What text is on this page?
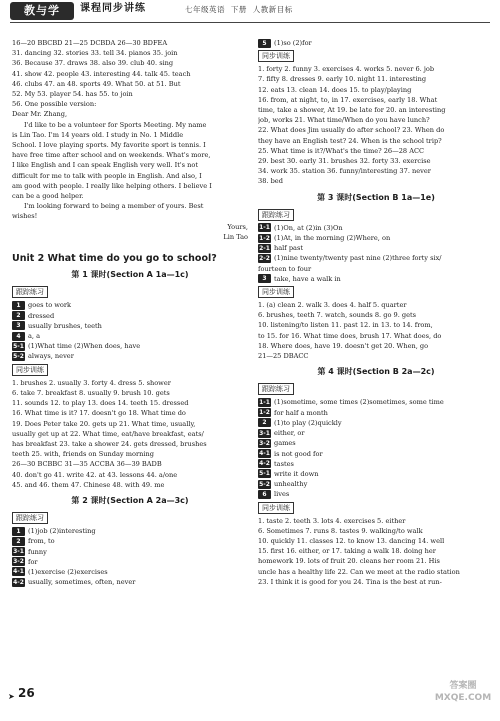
教与学	课程同步讲练	七年级英语 下册 人教新目标
16—20 BBCBD 21—25 DCBDA 26—30 BDFEA
31. dancing 32. stories 33. tell 34. pianos 35. join
36. Because 37. draws 38. also 39. club 40. sing
41. show 42. people 43. interesting 44. talk 45. teach
46. clubs 47. an 48. sports 49. What 50. at 51. But
52. My 53. player 54. has 55. to join
56. One possible version:
Dear Mr. Zhang,
I'd like to be a volunteer for Sports Meeting. My name
is Lin Tao. I'm 14 years old. I study in No. 1 Middle
School. I love playing sports. My favorite sport is tennis. I
have free time after school and on weekends. What's more,
I like English and I can speak English very well. It's not
difficult for me to talk with people in English. And also, I
am good with people. I really like helping others. I believe I
can be a good helper.
I'm looking forward to being a member of yours. Best
wishes!
Yours,
Lin Tao
Unit 2 What time do you go to school?
第 1 课时(Section A 1a—1c)
跟踪练习
1 goes to work
2 dressed
3 usually brushes, teeth
4 a, a
5-1 (1)What time (2)When does, have
5-2 always, never
同步训练
1. brushes 2. usually 3. forty 4. dress 5. shower
6. take 7. breakfast 8. usually 9. brush 10. gets
11. sounds 12. to play 13. does 14. teeth 15. dressed
16. What time is it? 17. doesn't go 18. What time do
19. Does Peter take 20. gets up 21. What time, usually,
usually get up at 22. What time, eat/have breakfast, eats/
has breakfast 23. take a shower 24. gets dressed, brushes
teeth 25. with, friends on Sunday morning
26—30 BCBBC 31—35 ACCBA 36—39 BADB
40. don't go 41. write 42. at 43. lessons 44. a/one
45. and 46. them 47. Chinese 48. with 49. me
第 2 课时(Section A 2a—3c)
跟踪练习
1 (1)job (2)interesting
2 from, to
3-1 funny
3-2 for
4-1 (1)exercise (2)exercises
4-2 usually, sometimes, often, never
5 (1)so (2)for
同步训练
1. forty 2. funny 3. exercises 4. works 5. never 6. job
7. fifty 8. dresses 9. early 10. night 11. interesting
12. eats 13. clean 14. does 15. to play/playing
16. from, at night, to, in 17. exercises, early 18. What
time, take a shower, At 19. be late for 20. an interesting
job, works 21. What time/When do you have lunch?
22. What does Jim usually do after school? 23. When do
they have an English test? 24. When is the school trip?
25. What time is it?/What's the time? 26—28 ACC
29. best 30. early 31. brushes 32. forty 33. exercise
34. work 35. station 36. funny/interesting 37. never
38. bed
第 3 课时(Section B 1a—1e)
跟踪练习
1-1 (1)On, at (2)in (3)On
1-2 (1)At, in the morning (2)Where, on
2-1 half past
2-2 (1)nine twenty/twenty past nine (2)three forty six/
fourteen to four
3 take, have a walk in
同步训练
1. (a) clean 2. walk 3. does 4. half 5. quarter
6. brushes, teeth 7. watch, sounds 8. go 9. gets
10. listening/to listen 11. past 12. in 13. to 14. from,
to 15. for 16. What time does, brush 17. What does, do
18. Where does, have 19. doesn't get 20. When, go
21—25 DBACC
第 4 课时(Section B 2a—2c)
跟踪练习
1-1 (1)sometime, some times (2)sometimes, some time
1-2 for half a month
2 (1)to play (2)quickly
3-1 either, or
3-2 games
4-1 is not good for
4-2 tastes
5-1 write it down
5-2 unhealthy
6 lives
同步训练
1. taste 2. teeth 3. lots 4. exercises 5. either
6. Sometimes 7. runs 8. tastes 9. walking/to walk
10. quickly 11. classes 12. to know 13. dancing 14. well
15. first 16. either, or 17. taking a walk 18. doing her
homework 19. lots of fruit 20. cleans her room 21. His
uncle has a healthy life 22. Can we meet at the radio station
23. I think it is good for you 24. Tina is the best at run-
➤ 26	答案圈
MXQE.COM
